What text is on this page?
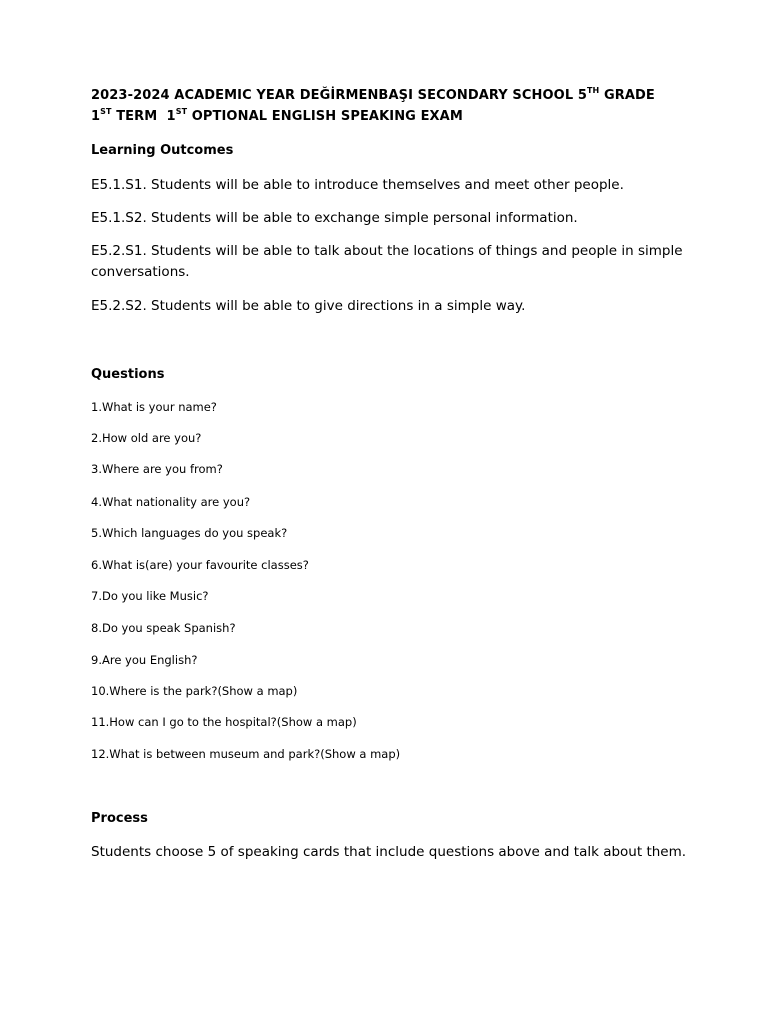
2023-2024 ACADEMIC YEAR DEĞİRMENBAŞI SECONDARY SCHOOL 5TH GRADE
1ST TERM  1ST OPTIONAL ENGLISH SPEAKING EXAM
Learning Outcomes
E5.1.S1. Students will be able to introduce themselves and meet other people.
E5.1.S2. Students will be able to exchange simple personal information.
E5.2.S1. Students will be able to talk about the locations of things and people in simple conversations.
E5.2.S2. Students will be able to give directions in a simple way.
Questions
1.What is your name?
2.How old are you?
3.Where are you from?
4.What nationality are you?
5.Which languages do you speak?
6.What is(are) your favourite classes?
7.Do you like Music?
8.Do you speak Spanish?
9.Are you English?
10.Where is the park?(Show a map)
11.How can I go to the hospital?(Show a map)
12.What is between museum and park?(Show a map)
Process
Students choose 5 of speaking cards that include questions above and talk about them.
